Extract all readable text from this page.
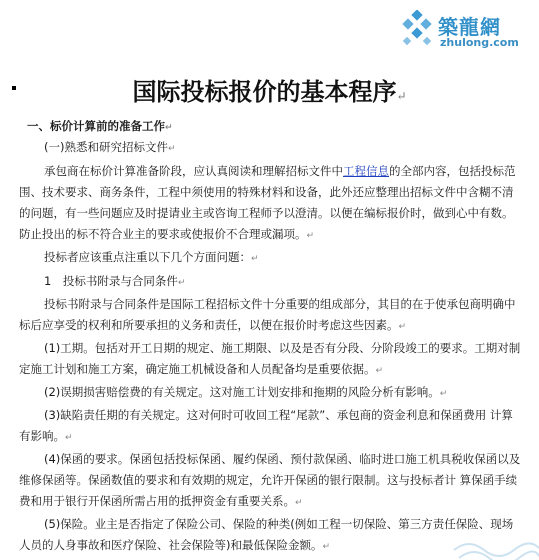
築龍網
zhulong.com
国际投标报价的基本程序↵
一、标价计算前的准备工作↵
(一)熟悉和研究招标文件↵
承包商在标价计算准备阶段，应认真阅读和理解招标文件中工程信息的全部内容，包括投标范
围、技术要求、商务条件，工程中须使用的特殊材料和设备，此外还应整理出招标文件中含糊不清
的问题，有一些问题应及时提请业主或咨询工程师予以澄清。以便在编标报价时，做到心中有数。
防止投出的标不符合业主的要求或使报价不合理或漏项。↵
投标者应该重点注重以下几个方面问题：↵
1　投标书附录与合同条件↵
投标书附录与合同条件是国际工程招标文件十分重要的组成部分，其目的在于使承包商明确中
标后应享受的权利和所要承担的义务和责任，以便在报价时考虑这些因素。↵
(1)工期。包括对开工日期的规定、施工期限、以及是否有分段、分阶段竣工的要求。工期对制
定施工计划和施工方案，确定施工机械设备和人员配备均是重要依据。↵
(2)误期损害赔偿费的有关规定。这对施工计划安排和拖期的风险分析有影响。↵
(3)缺陷责任期的有关规定。这对何时可收回工程“尾款”、承包商的资金利息和保函费用 计算
有影响。↵
(4)保函的要求。保函包括投标保函、履约保函、预付款保函、临时进口施工机具税收保函以及
维修保函等。保函数值的要求和有效期的规定，允许开保函的银行限制。这与投标者计 算保函手续
费和用于银行开保函所需占用的抵押资金有重要关系。↵
(5)保险。业主是否指定了保险公司、保险的种类(例如工程一切保险、第三方责任保险、现场
人员的人身事故和医疗保险、社会保险等)和最低保险金额。↵
